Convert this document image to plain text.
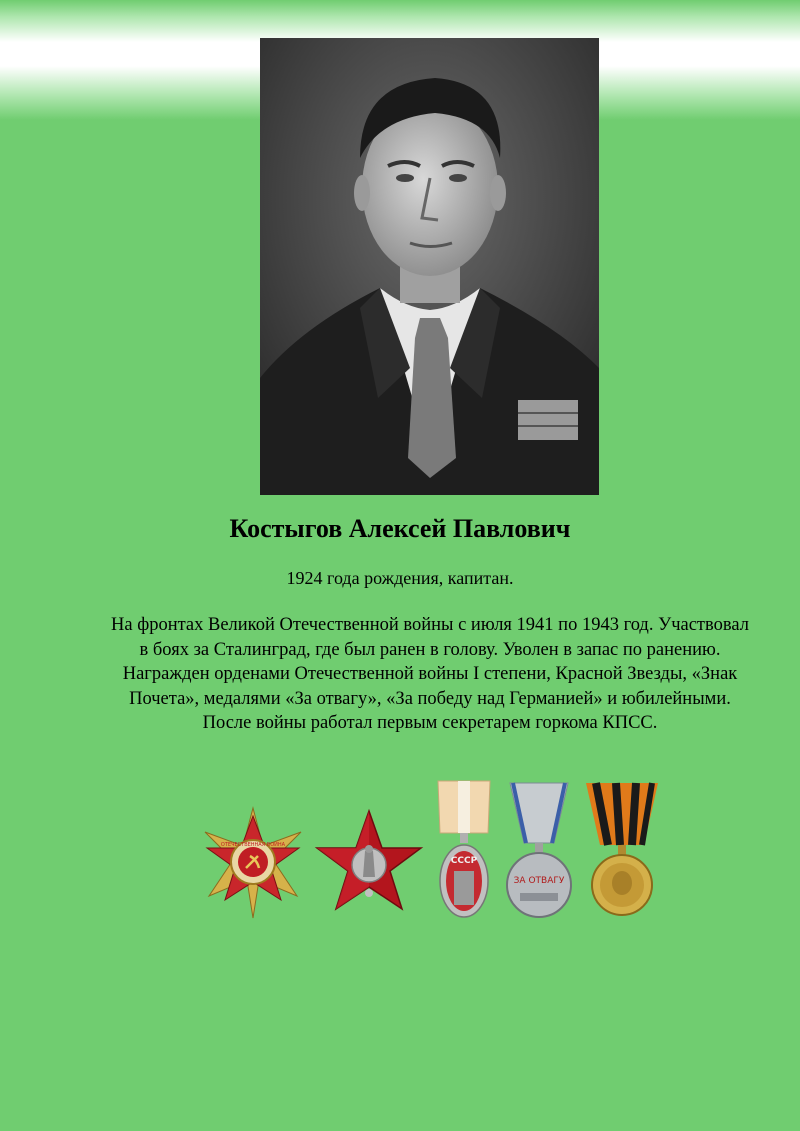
Костыгов Алексей Павлович

1924 года рождения, капитан.

На фронтах Великой Отечественной войны с июля 1941 по 1943 год. Участвовал в боях за Сталинград, где был ранен в голову. Уволен в запас по ранению. Награжден орденами Отечественной войны I степени, Красной Звезды, «Знак Почета», медалями «За отвагу», «За победу над Германией» и юбилейными. После войны работал первым секретарем горкома КПСС.

ОТЕЧЕСТВЕННАЯ ВОЙНА
СССР
ЗА ОТВАГУ
